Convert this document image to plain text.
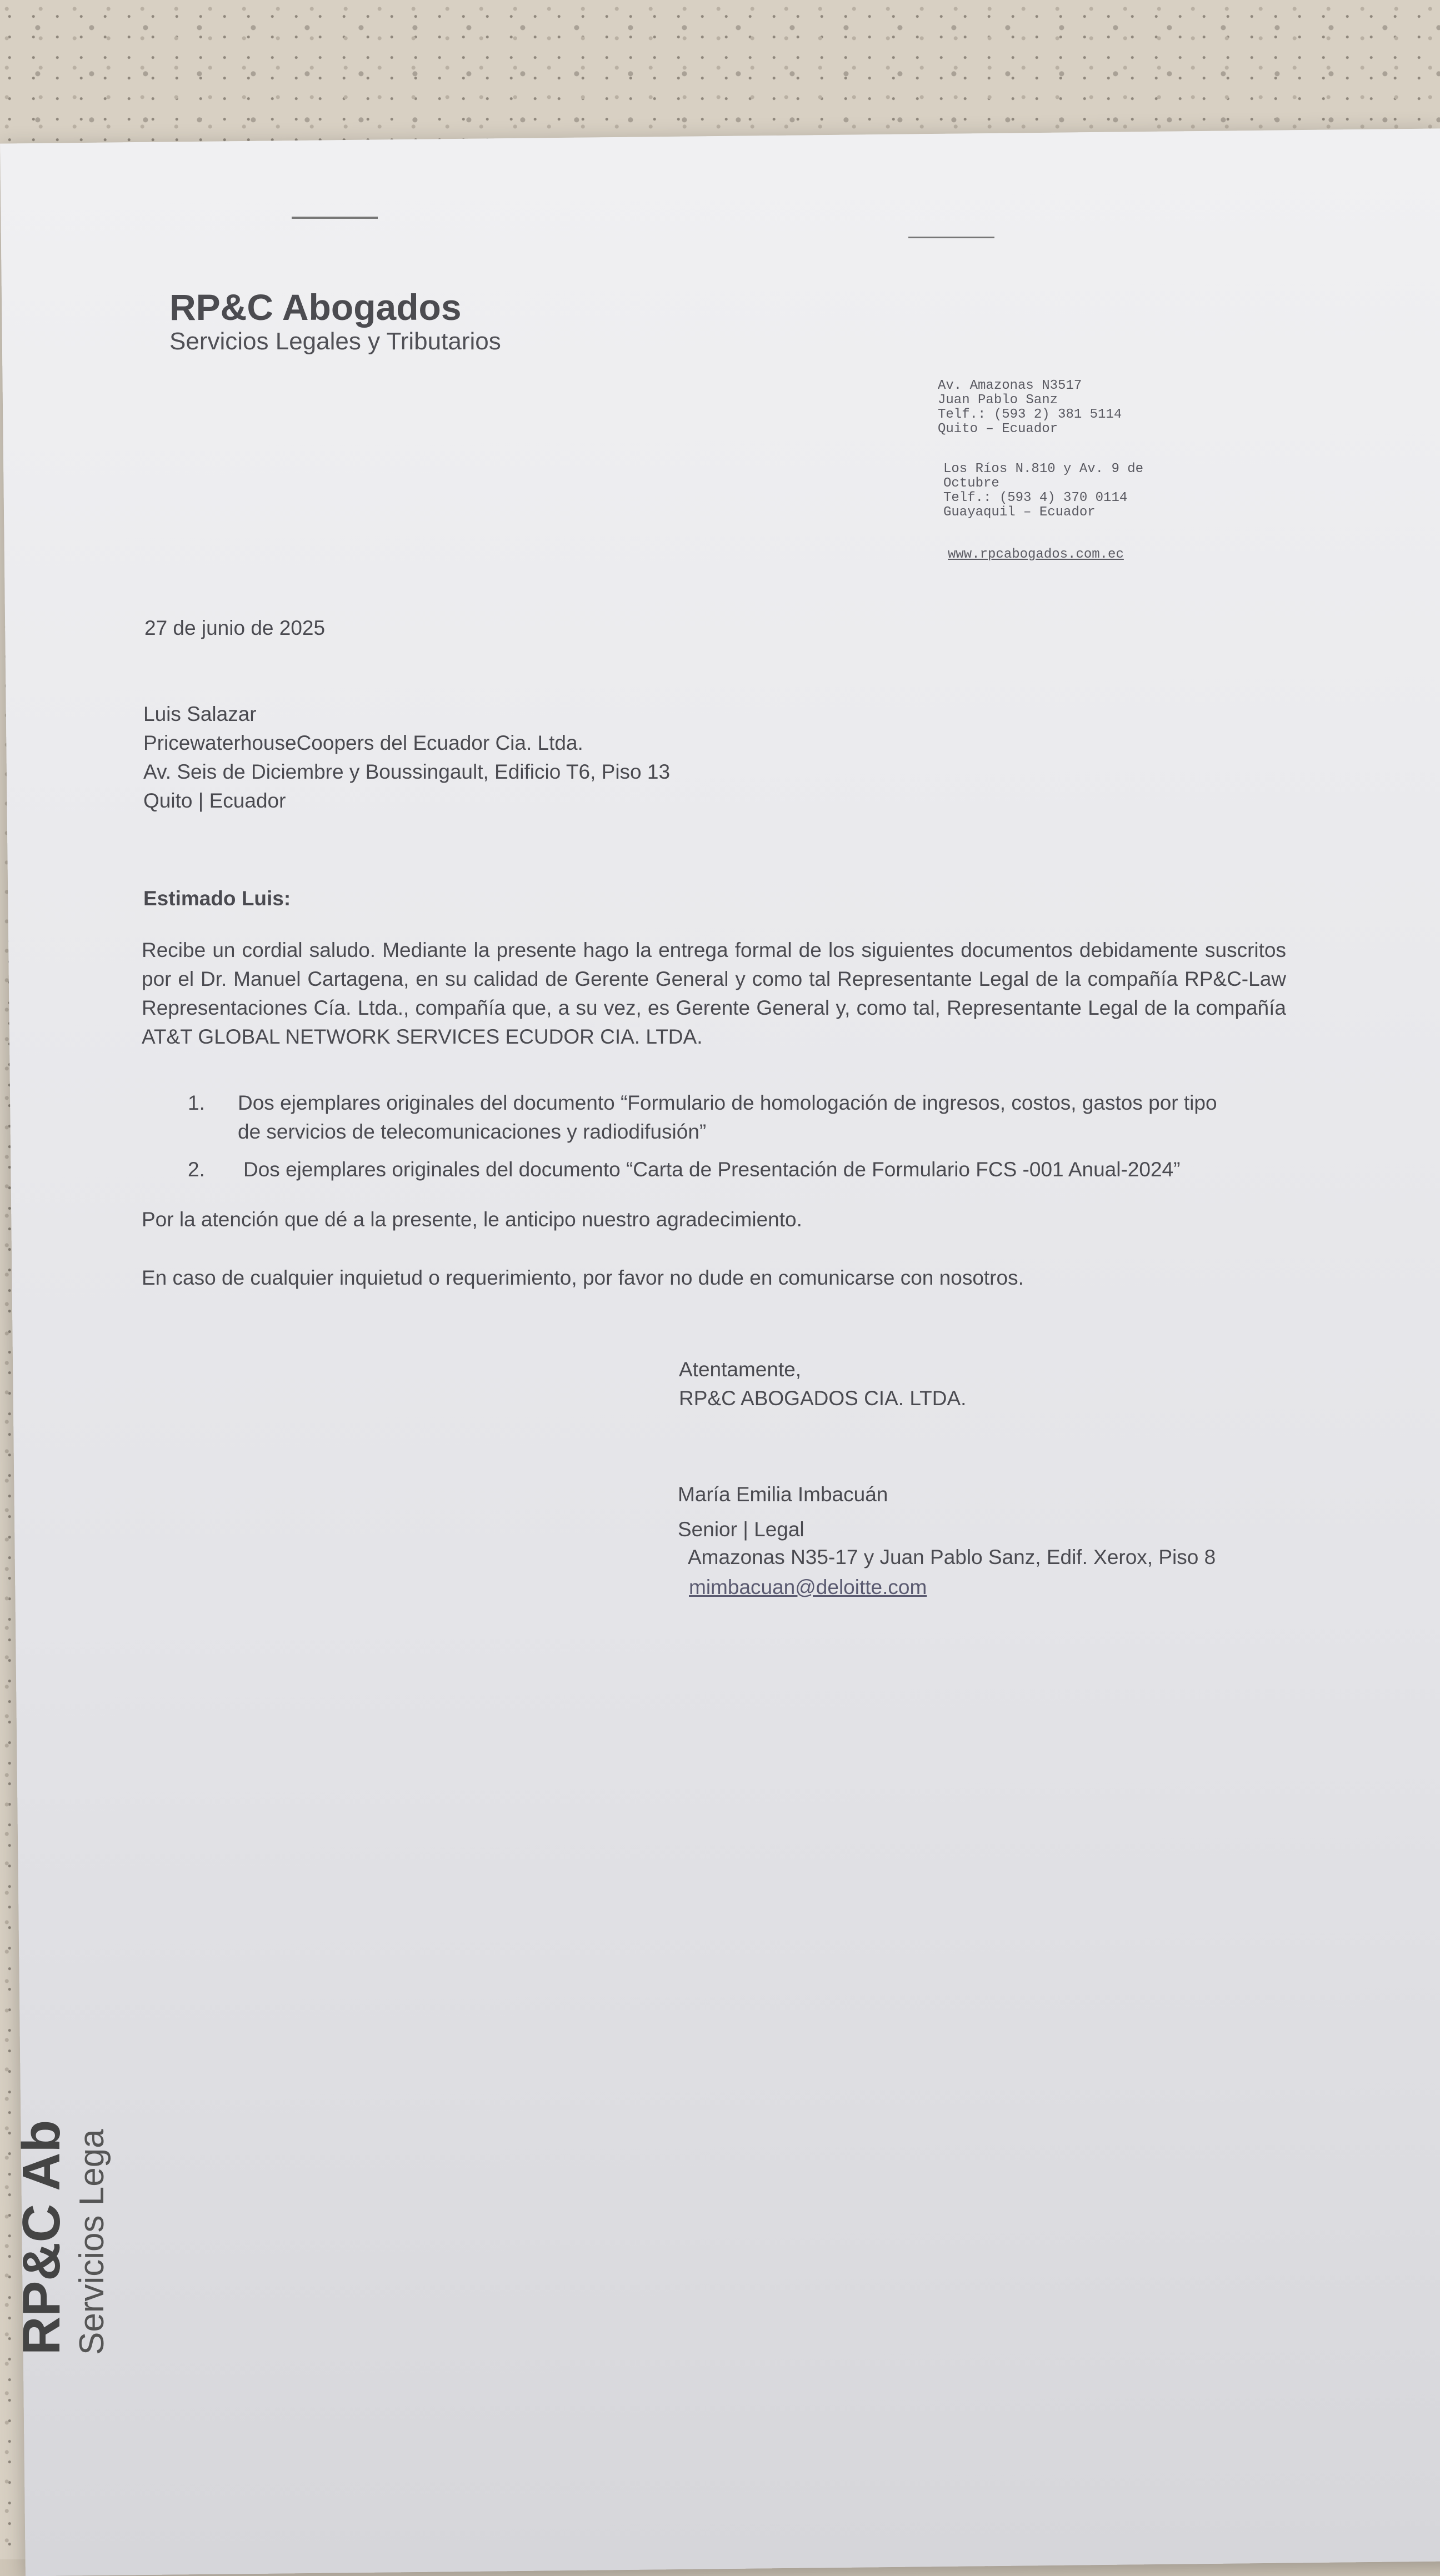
RP&C Abogados
Servicios Legales y Tributarios
Av. Amazonas N3517
Juan Pablo Sanz
Telf.: (593 2) 381 5114
Quito – Ecuador
Los Ríos N.810 y Av. 9 de
Octubre
Telf.: (593 4) 370 0114
Guayaquil – Ecuador
www.rpcabogados.com.ec
27 de junio de 2025
Luis Salazar
PricewaterhouseCoopers del Ecuador Cia. Ltda.
Av. Seis de Diciembre y Boussingault, Edificio T6, Piso 13
Quito | Ecuador
Estimado Luis:
Recibe un cordial saludo. Mediante la presente hago la entrega formal de los siguientes documentos debidamente suscritos por el Dr. Manuel Cartagena, en su calidad de Gerente General y como tal Representante Legal de la compañía RP&C-Law Representaciones Cía. Ltda., compañía que, a su vez, es Gerente General y, como tal, Representante Legal de la compañía AT&T GLOBAL NETWORK SERVICES ECUDOR CIA. LTDA.
1. Dos ejemplares originales del documento “Formulario de homologación de ingresos, costos, gastos por tipo
de servicios de telecomunicaciones y radiodifusión”
2. Dos ejemplares originales del documento “Carta de Presentación de Formulario FCS -001 Anual-2024”
Por la atención que dé a la presente, le anticipo nuestro agradecimiento.
En caso de cualquier inquietud o requerimiento, por favor no dude en comunicarse con nosotros.
Atentamente,
RP&C ABOGADOS CIA. LTDA.
María Emilia Imbacuán
Senior | Legal
Amazonas N35-17 y Juan Pablo Sanz, Edif. Xerox, Piso 8
mimbacuan@deloitte.com
RP&C Ab
Servicios Lega
